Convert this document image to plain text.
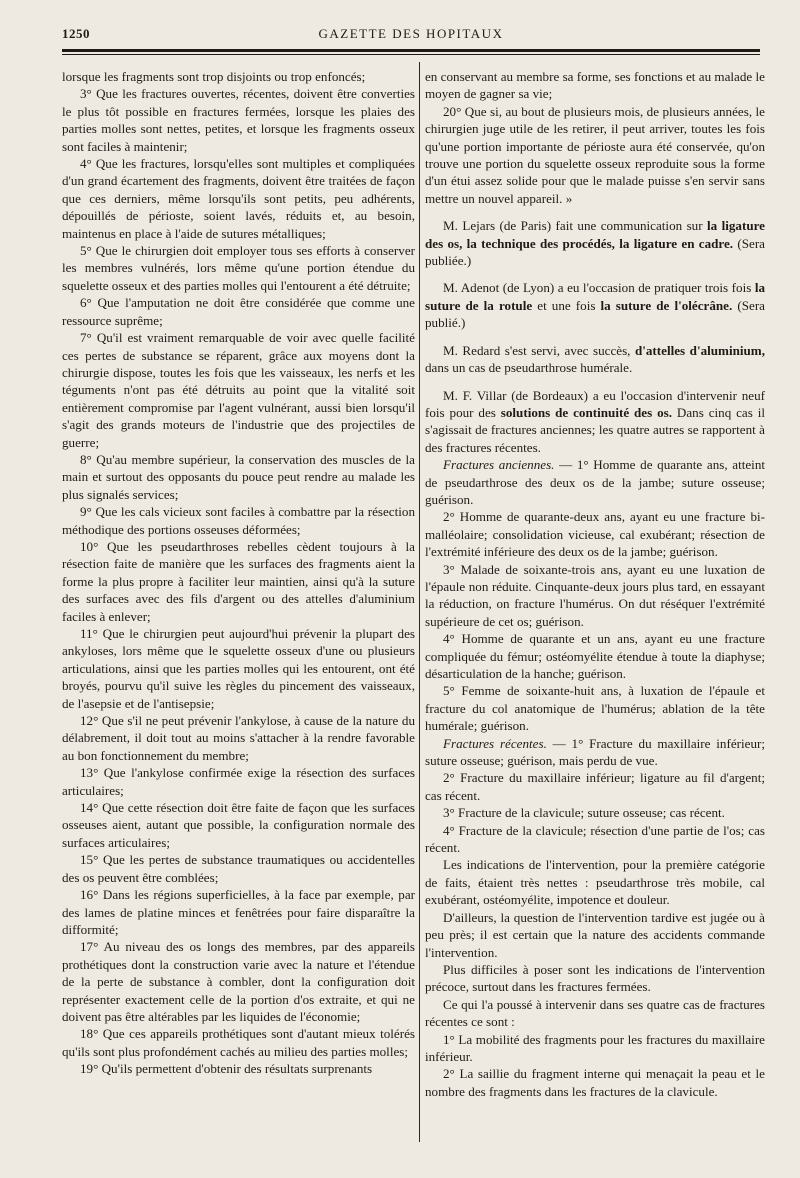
1250	GAZETTE DES HOPITAUX

lorsque les fragments sont trop disjoints ou trop enfoncés;

3° Que les fractures ouvertes, récentes, doivent être converties le plus tôt possible en fractures fermées, lorsque les plaies des parties molles sont nettes, petites, et lorsque les fragments osseux sont faciles à maintenir;

4° Que les fractures, lorsqu'elles sont multiples et compliquées d'un grand écartement des fragments, doivent être traitées de façon que ces derniers, même lorsqu'ils sont petits, peu adhérents, dépouillés de périoste, soient lavés, réduits et, au besoin, maintenus en place à l'aide de sutures métalliques;

5° Que le chirurgien doit employer tous ses efforts à conserver les membres vulnérés, lors même qu'une portion étendue du squelette osseux et des parties molles qui l'entourent a été détruite;

6° Que l'amputation ne doit être considérée que comme une ressource suprême;

7° Qu'il est vraiment remarquable de voir avec quelle facilité ces pertes de substance se réparent, grâce aux moyens dont la chirurgie dispose, toutes les fois que les vaisseaux, les nerfs et les téguments n'ont pas été détruits au point que la vitalité soit entièrement compromise par l'agent vulnérant, aussi bien lorsqu'il s'agit des grands moteurs de l'industrie que des projectiles de guerre;

8° Qu'au membre supérieur, la conservation des muscles de la main et surtout des opposants du pouce peut rendre au malade les plus signalés services;

9° Que les cals vicieux sont faciles à combattre par la résection méthodique des portions osseuses déformées;

10° Que les pseudarthroses rebelles cèdent toujours à la résection faite de manière que les surfaces des fragments aient la forme la plus propre à faciliter leur maintien, ainsi qu'à la suture des surfaces avec des fils d'argent ou des attelles d'aluminium faciles à enlever;

11° Que le chirurgien peut aujourd'hui prévenir la plupart des ankyloses, lors même que le squelette osseux d'une ou plusieurs articulations, ainsi que les parties molles qui les entourent, ont été broyés, pourvu qu'il suive les règles du pincement des vaisseaux, de l'asepsie et de l'antisepsie;

12° Que s'il ne peut prévenir l'ankylose, à cause de la nature du délabrement, il doit tout au moins s'attacher à la rendre favorable au bon fonctionnement du membre;

13° Que l'ankylose confirmée exige la résection des surfaces articulaires;

14° Que cette résection doit être faite de façon que les surfaces osseuses aient, autant que possible, la configuration normale des surfaces articulaires;

15° Que les pertes de substance traumatiques ou accidentelles des os peuvent être comblées;

16° Dans les régions superficielles, à la face par exemple, par des lames de platine minces et fenêtrées pour faire disparaître la difformité;

17° Au niveau des os longs des membres, par des appareils prothétiques dont la construction varie avec la nature et l'étendue de la perte de substance à combler, dont la configuration doit représenter exactement celle de la portion d'os extraite, et qui ne doivent pas être altérables par les liquides de l'économie;

18° Que ces appareils prothétiques sont d'autant mieux tolérés qu'ils sont plus profondément cachés au milieu des parties molles;

19° Qu'ils permettent d'obtenir des résultats surprenants

en conservant au membre sa forme, ses fonctions et au malade le moyen de gagner sa vie;

20° Que si, au bout de plusieurs mois, de plusieurs années, le chirurgien juge utile de les retirer, il peut arriver, toutes les fois qu'une portion importante de périoste aura été conservée, qu'on trouve une portion du squelette osseux reproduite sous la forme d'un étui assez solide pour que le malade puisse s'en servir sans mettre un nouvel appareil. »

M. Lejars (de Paris) fait une communication sur la ligature des os, la technique des procédés, la ligature en cadre. (Sera publiée.)

M. Adenot (de Lyon) a eu l'occasion de pratiquer trois fois la suture de la rotule et une fois la suture de l'olécrâne. (Sera publié.)

M. Redard s'est servi, avec succès, d'attelles d'aluminium, dans un cas de pseudarthrose humérale.

M. F. Villar (de Bordeaux) a eu l'occasion d'intervenir neuf fois pour des solutions de continuité des os. Dans cinq cas il s'agissait de fractures anciennes; les quatre autres se rapportent à des fractures récentes.

Fractures anciennes. — 1° Homme de quarante ans, atteint de pseudarthrose des deux os de la jambe; suture osseuse; guérison.

2° Homme de quarante-deux ans, ayant eu une fracture bi-malléolaire; consolidation vicieuse, cal exubérant; résection de l'extrémité inférieure des deux os de la jambe; guérison.

3° Malade de soixante-trois ans, ayant eu une luxation de l'épaule non réduite. Cinquante-deux jours plus tard, en essayant la réduction, on fracture l'humérus. On dut réséquer l'extrémité supérieure de cet os; guérison.

4° Homme de quarante et un ans, ayant eu une fracture compliquée du fémur; ostéomyélite étendue à toute la diaphyse; désarticulation de la hanche; guérison.

5° Femme de soixante-huit ans, à luxation de l'épaule et fracture du col anatomique de l'humérus; ablation de la tête humérale; guérison.

Fractures récentes. — 1° Fracture du maxillaire inférieur; suture osseuse; guérison, mais perdu de vue.

2° Fracture du maxillaire inférieur; ligature au fil d'argent; cas récent.

3° Fracture de la clavicule; suture osseuse; cas récent.

4° Fracture de la clavicule; résection d'une partie de l'os; cas récent.

Les indications de l'intervention, pour la première catégorie de faits, étaient très nettes : pseudarthrose très mobile, cal exubérant, ostéomyélite, impotence et douleur.

D'ailleurs, la question de l'intervention tardive est jugée ou à peu près; il est certain que la nature des accidents commande l'intervention.

Plus difficiles à poser sont les indications de l'intervention précoce, surtout dans les fractures fermées.

Ce qui l'a poussé à intervenir dans ses quatre cas de fractures récentes ce sont :

1° La mobilité des fragments pour les fractures du maxillaire inférieur.

2° La saillie du fragment interne qui menaçait la peau et le nombre des fragments dans les fractures de la clavicule.
